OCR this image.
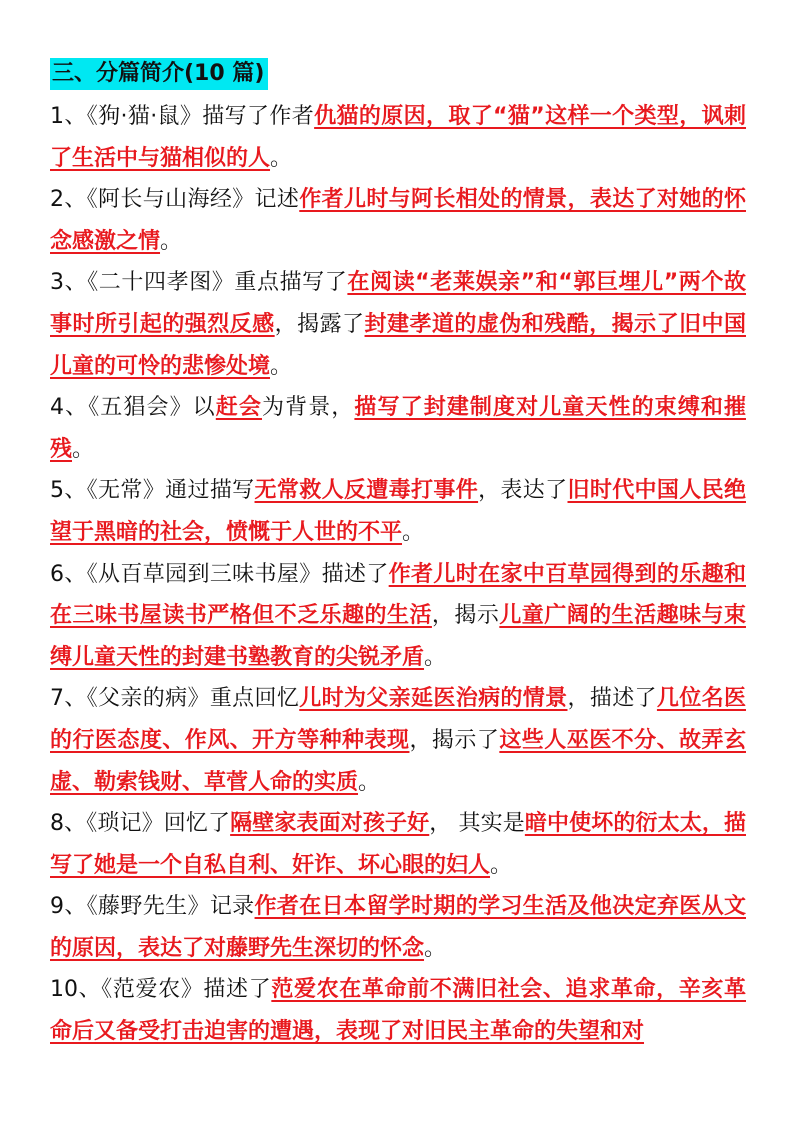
三、分篇简介(10 篇)

1、《狗·猫·鼠》描写了作者仇猫的原因，取了“猫”这样一个类型，讽刺了生活中与猫相似的人。

2、《阿长与山海经》记述作者儿时与阿长相处的情景，表达了对她的怀念感激之情。

3、《二十四孝图》重点描写了在阅读“老莱娱亲”和“郭巨埋儿”两个故事时所引起的强烈反感，揭露了封建孝道的虚伪和残酷，揭示了旧中国儿童的可怜的悲惨处境。

4、《五猖会》以赶会为背景，描写了封建制度对儿童天性的束缚和摧残。

5、《无常》通过描写无常救人反遭毒打事件，表达了旧时代中国人民绝望于黑暗的社会，愤慨于人世的不平。

6、《从百草园到三味书屋》描述了作者儿时在家中百草园得到的乐趣和在三味书屋读书严格但不乏乐趣的生活，揭示儿童广阔的生活趣味与束缚儿童天性的封建书塾教育的尖锐矛盾。

7、《父亲的病》重点回忆儿时为父亲延医治病的情景，描述了几位名医的行医态度、作风、开方等种种表现，揭示了这些人巫医不分、故弄玄虚、勒索钱财、草菅人命的实质。

8、《琐记》回忆了隔壁家表面对孩子好， 其实是暗中使坏的衍太太，描写了她是一个自私自利、奸诈、坏心眼的妇人。

9、《藤野先生》记录作者在日本留学时期的学习生活及他决定弃医从文的原因，表达了对藤野先生深切的怀念。

10、《范爱农》描述了范爱农在革命前不满旧社会、追求革命，辛亥革命后又备受打击迫害的遭遇，表现了对旧民主革命的失望和对
